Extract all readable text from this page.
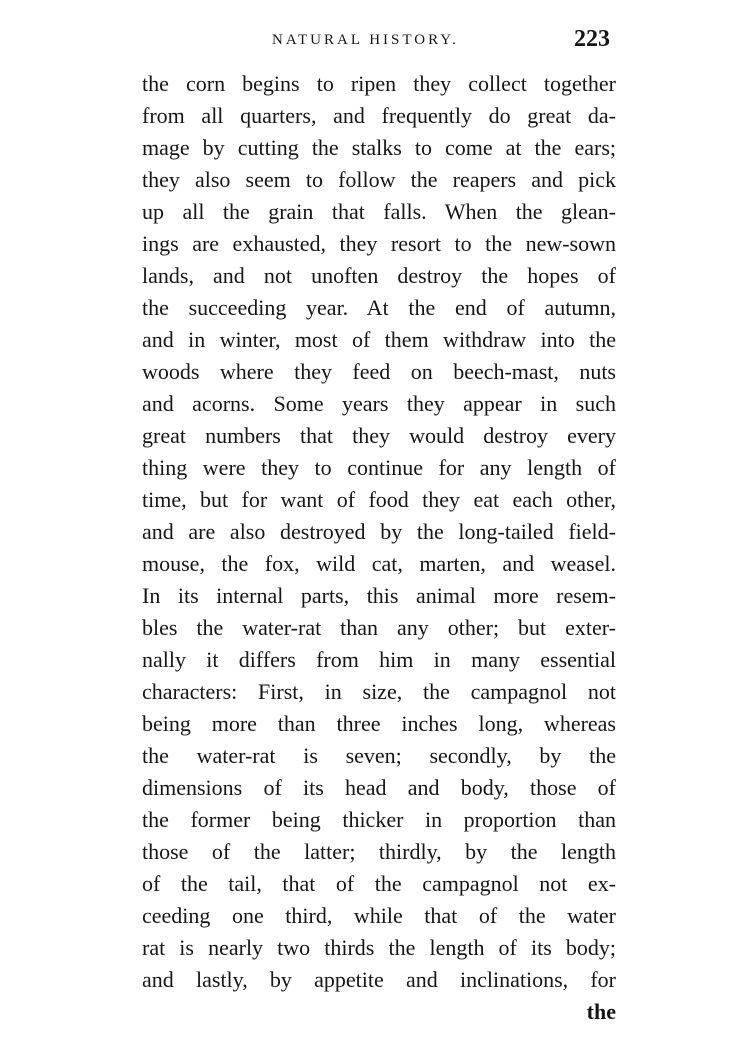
NATURAL HISTORY.	223
the corn begins to ripen they collect together
from all quarters, and frequently do great da-
mage by cutting the stalks to come at the ears;
they also seem to follow the reapers and pick
up all the grain that falls. When the glean-
ings are exhausted, they resort to the new-sown
lands, and not unoften destroy the hopes of
the succeeding year. At the end of autumn,
and in winter, most of them withdraw into the
woods where they feed on beech-mast, nuts
and acorns. Some years they appear in such
great numbers that they would destroy every
thing were they to continue for any length of
time, but for want of food they eat each other,
and are also destroyed by the long-tailed field-
mouse, the fox, wild cat, marten, and weasel.
In its internal parts, this animal more resem-
bles the water-rat than any other; but exter-
nally it differs from him in many essential
characters: First, in size, the campagnol not
being more than three inches long, whereas
the water-rat is seven; secondly, by the
dimensions of its head and body, those of
the former being thicker in proportion than
those of the latter; thirdly, by the length
of the tail, that of the campagnol not ex-
ceeding one third, while that of the water
rat is nearly two thirds the length of its body;
and lastly, by appetite and inclinations, for
the
